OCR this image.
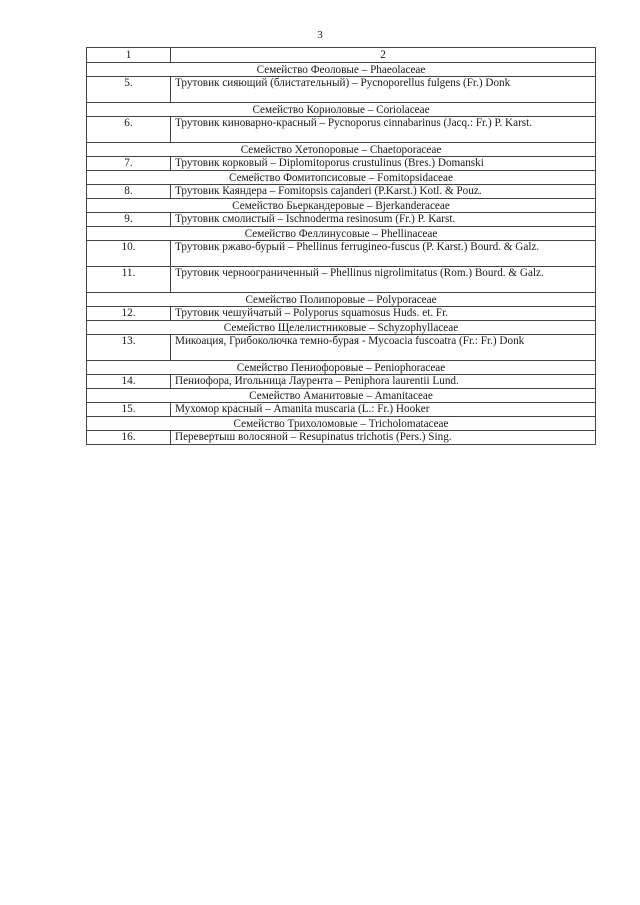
3
1	2
Семейство Феоловые – Phaeolaceae	
5.	Трутовик сияющий (блистательный) – Pycnoporellus fulgens (Fr.) Donk
Семейство Кориоловые – Coriolaceae	
6.	Трутовик киноварно-красный – Pycnoporus cinnabarinus (Jacq.: Fr.) P. Karst.
Семейство Хетопоровые – Chaetoporaceae	
7.	Трутовик корковый – Diplomitoporus crustulinus (Bres.) Domanski
Семейство Фомитопсисовые – Fomitopsidaceae	
8.	Трутовик Каяндера – Fomitopsis cajanderi (P.Karst.) Kotl. & Pouz.
Семейство Бьеркандеровые – Bjerkanderaceae	
9.	Трутовик смолистый – Ischnoderma resinosum (Fr.) P. Karst.
Семейство Феллинусовые – Phellinaceae	
10.	Трутовик ржаво-бурый – Phellinus ferrugineo-fuscus (P. Karst.) Bourd. & Galz.
11.	Трутовик черноограниченный – Phellinus nigrolimitatus (Rom.) Bourd. & Galz.
Семейство Полипоровые – Polyporaceae	
12.	Трутовик чешуйчатый – Polyporus squamosus Huds. et. Fr.
Семейство Щелелистниковые – Schyzophyllaceae	
13.	Микоация, Грибоколючка темно-бурая - Mycoacia fuscoatra (Fr.: Fr.) Donk
Семейство Пениофоровые – Peniophoraceae	
14.	Пениофора, Игольница Лаурента – Peniphora laurentii Lund.
Семейство Аманитовые – Amanitaceae	
15.	Мухомор красный – Amanita muscaria (L.: Fr.) Hooker
Семейство Трихоломовые – Tricholomataceae	
16.	Перевертыш волосяной – Resupinatus trichotis (Pers.) Sing.
